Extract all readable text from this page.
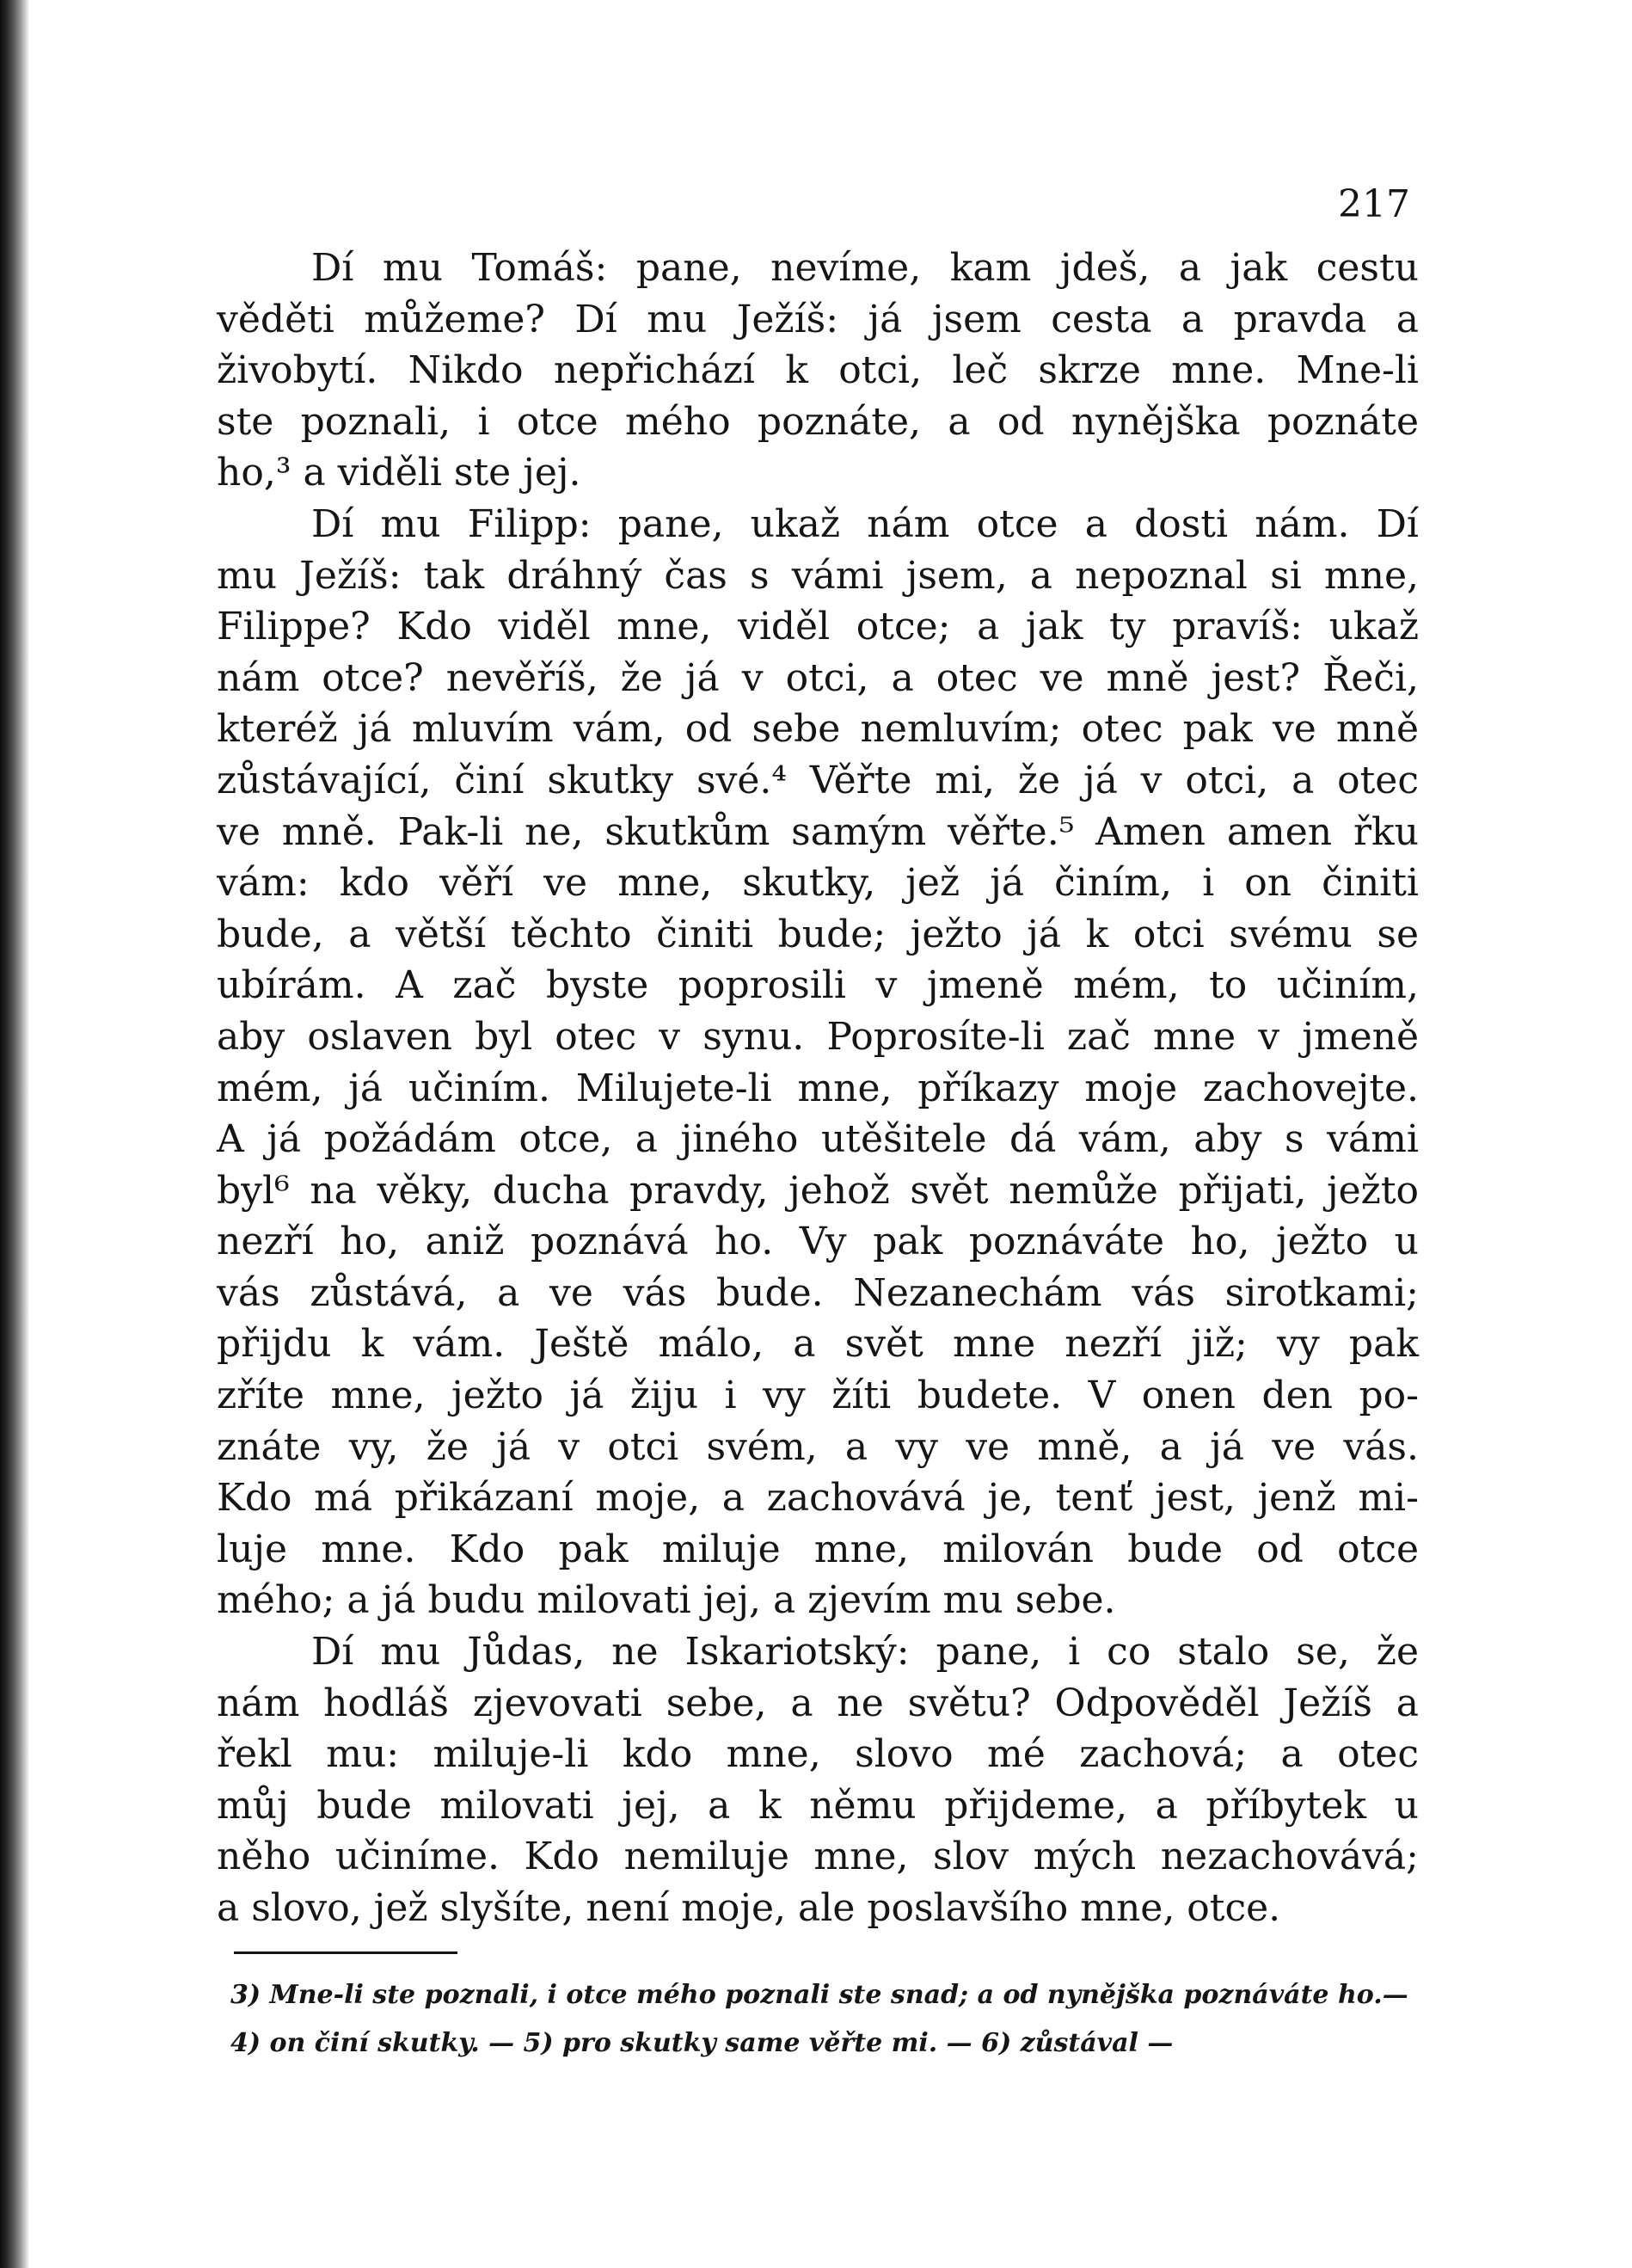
217
Dí mu Tomáš: pane, nevíme, kam jdeš, a jak cestu
věděti můžeme? Dí mu Ježíš: já jsem cesta a pravda a
živobytí. Nikdo nepřichází k otci, leč skrze mne. Mne-li
ste poznali, i otce mého poznáte, a od nynějška poznáte
ho,³ a viděli ste jej.
Dí mu Filipp: pane, ukaž nám otce a dosti nám. Dí
mu Ježíš: tak dráhný čas s vámi jsem, a nepoznal si mne,
Filippe? Kdo viděl mne, viděl otce; a jak ty pravíš: ukaž
nám otce? nevěříš, že já v otci, a otec ve mně jest? Řeči,
kteréž já mluvím vám, od sebe nemluvím; otec pak ve mně
zůstávající, činí skutky své.⁴ Věřte mi, že já v otci, a otec
ve mně. Pak-li ne, skutkům samým věřte.⁵ Amen amen řku
vám: kdo věří ve mne, skutky, jež já činím, i on činiti
bude, a větší těchto činiti bude; ježto já k otci svému se
ubírám. A zač byste poprosili v jmeně mém, to učiním,
aby oslaven byl otec v synu. Poprosíte-li zač mne v jmeně
mém, já učiním. Milujete-li mne, příkazy moje zachovejte.
A já požádám otce, a jiného utěšitele dá vám, aby s vámi
byl⁶ na věky, ducha pravdy, jehož svět nemůže přijati, ježto
nezří ho, aniž poznává ho. Vy pak poznáváte ho, ježto u
vás zůstává, a ve vás bude. Nezanechám vás sirotkami;
přijdu k vám. Ještě málo, a svět mne nezří již; vy pak
zříte mne, ježto já žiju i vy žíti budete. V onen den po-
znáte vy, že já v otci svém, a vy ve mně, a já ve vás.
Kdo má přikázaní moje, a zachovává je, tenť jest, jenž mi-
luje mne. Kdo pak miluje mne, milován bude od otce
mého; a já budu milovati jej, a zjevím mu sebe.
Dí mu Jůdas, ne Iskariotský: pane, i co stalo se, že
nám hodláš zjevovati sebe, a ne světu? Odpověděl Ježíš a
řekl mu: miluje-li kdo mne, slovo mé zachová; a otec
můj bude milovati jej, a k němu přijdeme, a příbytek u
něho učiníme. Kdo nemiluje mne, slov mých nezachovává;
a slovo, jež slyšíte, není moje, ale poslavšího mne, otce.
3) Mne-li ste poznali, i otce mého poznali ste snad; a od nynějška poznáváte ho.—
4) on činí skutky. — 5) pro skutky same věřte mi. — 6) zůstával —
